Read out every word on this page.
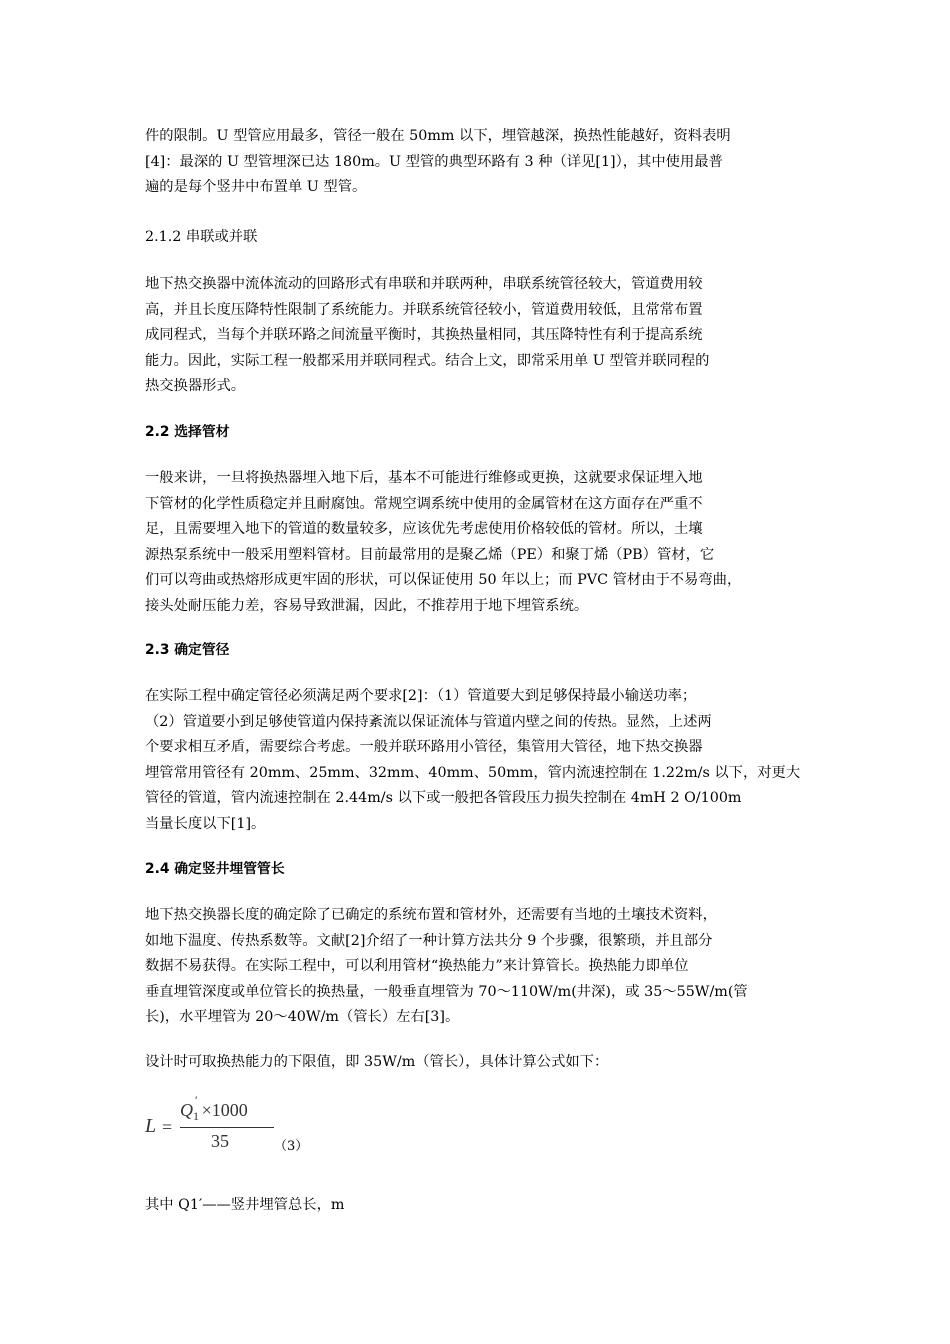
件的限制。U 型管应用最多，管径一般在 50mm 以下，埋管越深，换热性能越好，资料表明
[4]：最深的 U 型管埋深已达 180m。U 型管的典型环路有 3 种（详见[1]），其中使用最普
遍的是每个竖井中布置单 U 型管。

2.1.2 串联或并联

地下热交换器中流体流动的回路形式有串联和并联两种，串联系统管径较大，管道费用较
高，并且长度压降特性限制了系统能力。并联系统管径较小，管道费用较低，且常常布置
成同程式，当每个并联环路之间流量平衡时，其换热量相同，其压降特性有利于提高系统
能力。因此，实际工程一般都采用并联同程式。结合上文，即常采用单 U 型管并联同程的
热交换器形式。

2.2 选择管材

一般来讲，一旦将换热器埋入地下后，基本不可能进行维修或更换，这就要求保证埋入地
下管材的化学性质稳定并且耐腐蚀。常规空调系统中使用的金属管材在这方面存在严重不
足，且需要埋入地下的管道的数量较多，应该优先考虑使用价格较低的管材。所以，土壤
源热泵系统中一般采用塑料管材。目前最常用的是聚乙烯（PE）和聚丁烯（PB）管材，它
们可以弯曲或热熔形成更牢固的形状，可以保证使用 50 年以上；而 PVC 管材由于不易弯曲，
接头处耐压能力差，容易导致泄漏，因此，不推荐用于地下埋管系统。

2.3 确定管径

在实际工程中确定管径必须满足两个要求[2]：（1）管道要大到足够保持最小输送功率；
（2）管道要小到足够使管道内保持紊流以保证流体与管道内壁之间的传热。显然，上述两
个要求相互矛盾，需要综合考虑。一般并联环路用小管径，集管用大管径，地下热交换器
埋管常用管径有 20mm、25mm、32mm、40mm、50mm，管内流速控制在 1.22m/s 以下，对更大
管径的管道，管内流速控制在 2.44m/s 以下或一般把各管段压力损失控制在 4mH 2 O/100m
当量长度以下[1]。

2.4 确定竖井埋管管长

地下热交换器长度的确定除了已确定的系统布置和管材外，还需要有当地的土壤技术资料，
如地下温度、传热系数等。文献[2]介绍了一种计算方法共分 9 个步骤，很繁琐，并且部分
数据不易获得。在实际工程中，可以利用管材“换热能力”来计算管长。换热能力即单位
垂直埋管深度或单位管长的换热量，一般垂直埋管为 70～110W/m(井深)，或 35～55W/m(管
长)，水平埋管为 20～40W/m（管长）左右[3]。

设计时可取换热能力的下限值，即 35W/m（管长），具体计算公式如下：

L =
$Q_1' \times 1000$
35	（3）

其中 Q1′——竖井埋管总长，m
